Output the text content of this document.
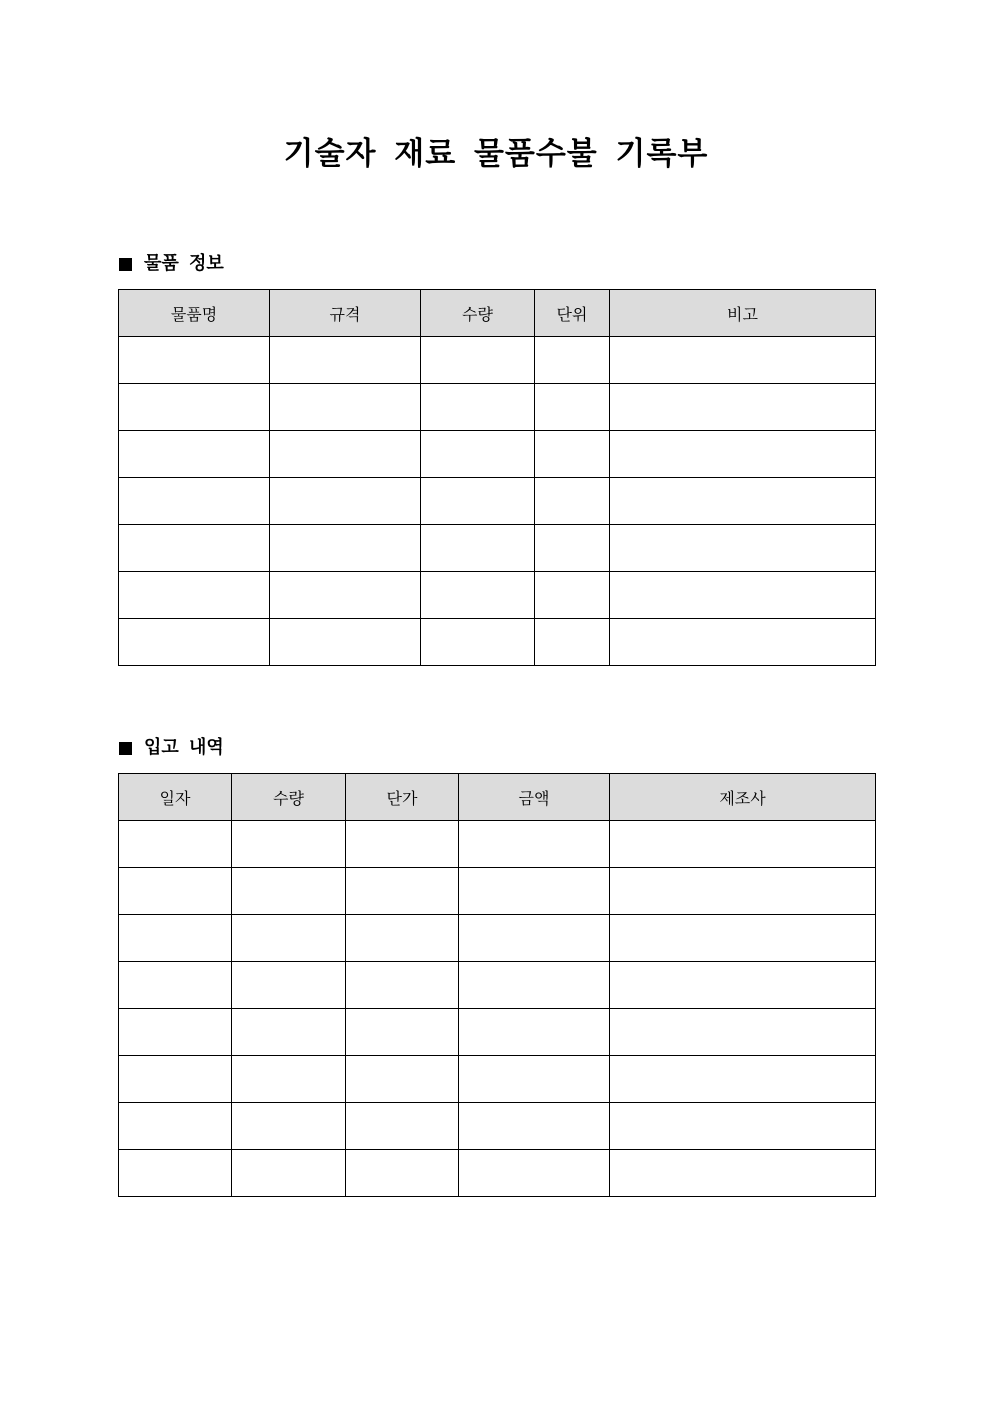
기술자 재료 물품수불 기록부
물품 정보
물품명	규격	수량	단위	비고

입고 내역
일자	수량	단가	금액	제조사
